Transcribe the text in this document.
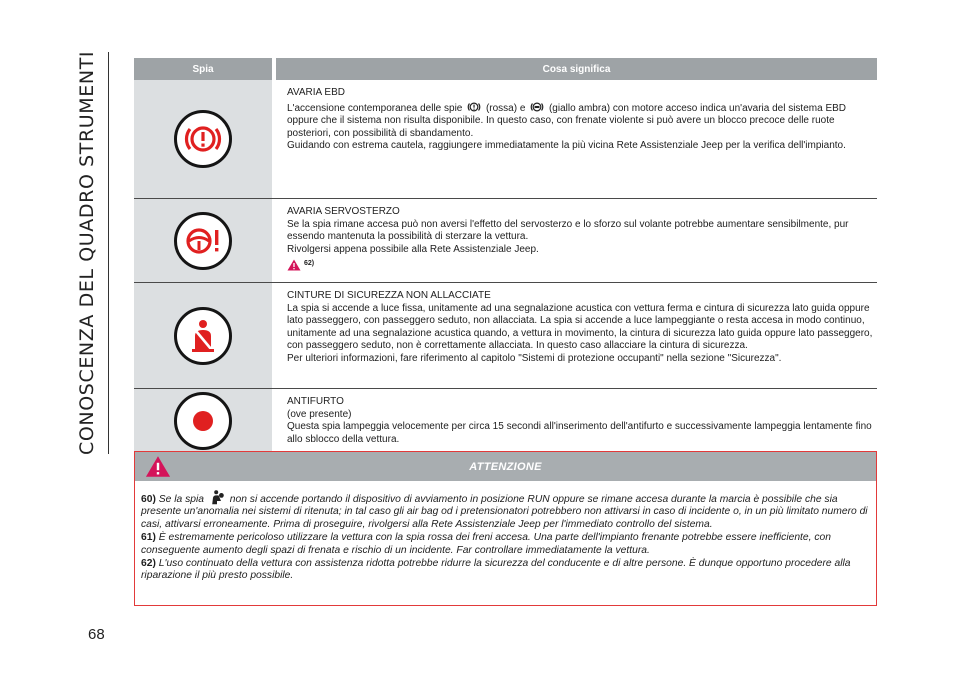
CONOSCENZA DEL QUADRO STRUMENTI
68
Spia	Cosa significa

AVARIA EBD

L'accensione contemporanea delle spie (rossa) e (giallo ambra) con motore acceso indica un'avaria del sistema EBD oppure che il sistema non risulta disponibile. In questo caso, con frenate violente si può avere un blocco precoce delle ruote posteriori, con possibilità di sbandamento.

Guidando con estrema cautela, raggiungere immediatamente la più vicina Rete Assistenziale Jeep per la verifica dell'impianto.

AVARIA SERVOSTERZO

Se la spia rimane accesa può non aversi l'effetto del servosterzo e lo sforzo sul volante potrebbe aumentare sensibilmente, pur essendo mantenuta la possibilità di sterzare la vettura.

Rivolgersi appena possibile alla Rete Assistenziale Jeep.

62)

CINTURE DI SICUREZZA NON ALLACCIATE

La spia si accende a luce fissa, unitamente ad una segnalazione acustica con vettura ferma e cintura di sicurezza lato guida oppure lato passeggero, con passeggero seduto, non allacciata. La spia si accende a luce lampeggiante o resta accesa in modo continuo, unitamente ad una segnalazione acustica quando, a vettura in movimento, la cintura di sicurezza lato guida oppure lato passeggero, con passeggero seduto, non è correttamente allacciata. In questo caso allacciare la cintura di sicurezza.

Per ulteriori informazioni, fare riferimento al capitolo "Sistemi di protezione occupanti" nella sezione "Sicurezza".

ANTIFURTO

(ove presente)

Questa spia lampeggia velocemente per circa 15 secondi all'inserimento dell'antifurto e successivamente lampeggia lentamente fino allo sblocco della vettura.

ATTENZIONE

60) Se la spia	non si accende portando il dispositivo di avviamento in posizione RUN oppure se rimane accesa durante la marcia è possibile che sia presente un'anomalia nei sistemi di ritenuta; in tal caso gli air bag od i pretensionatori potrebbero non attivarsi in caso di incidente o, in un più limitato numero di casi, attivarsi erroneamente. Prima di proseguire, rivolgersi alla Rete Assistenziale Jeep per l'immediato controllo del sistema.

61) È estremamente pericoloso utilizzare la vettura con la spia rossa dei freni accesa. Una parte dell'impianto frenante potrebbe essere inefficiente, con conseguente aumento degli spazi di frenata e rischio di un incidente. Far controllare immediatamente la vettura.

62) L'uso continuato della vettura con assistenza ridotta potrebbe ridurre la sicurezza del conducente e di altre persone. È dunque opportuno procedere alla riparazione il più presto possibile.
